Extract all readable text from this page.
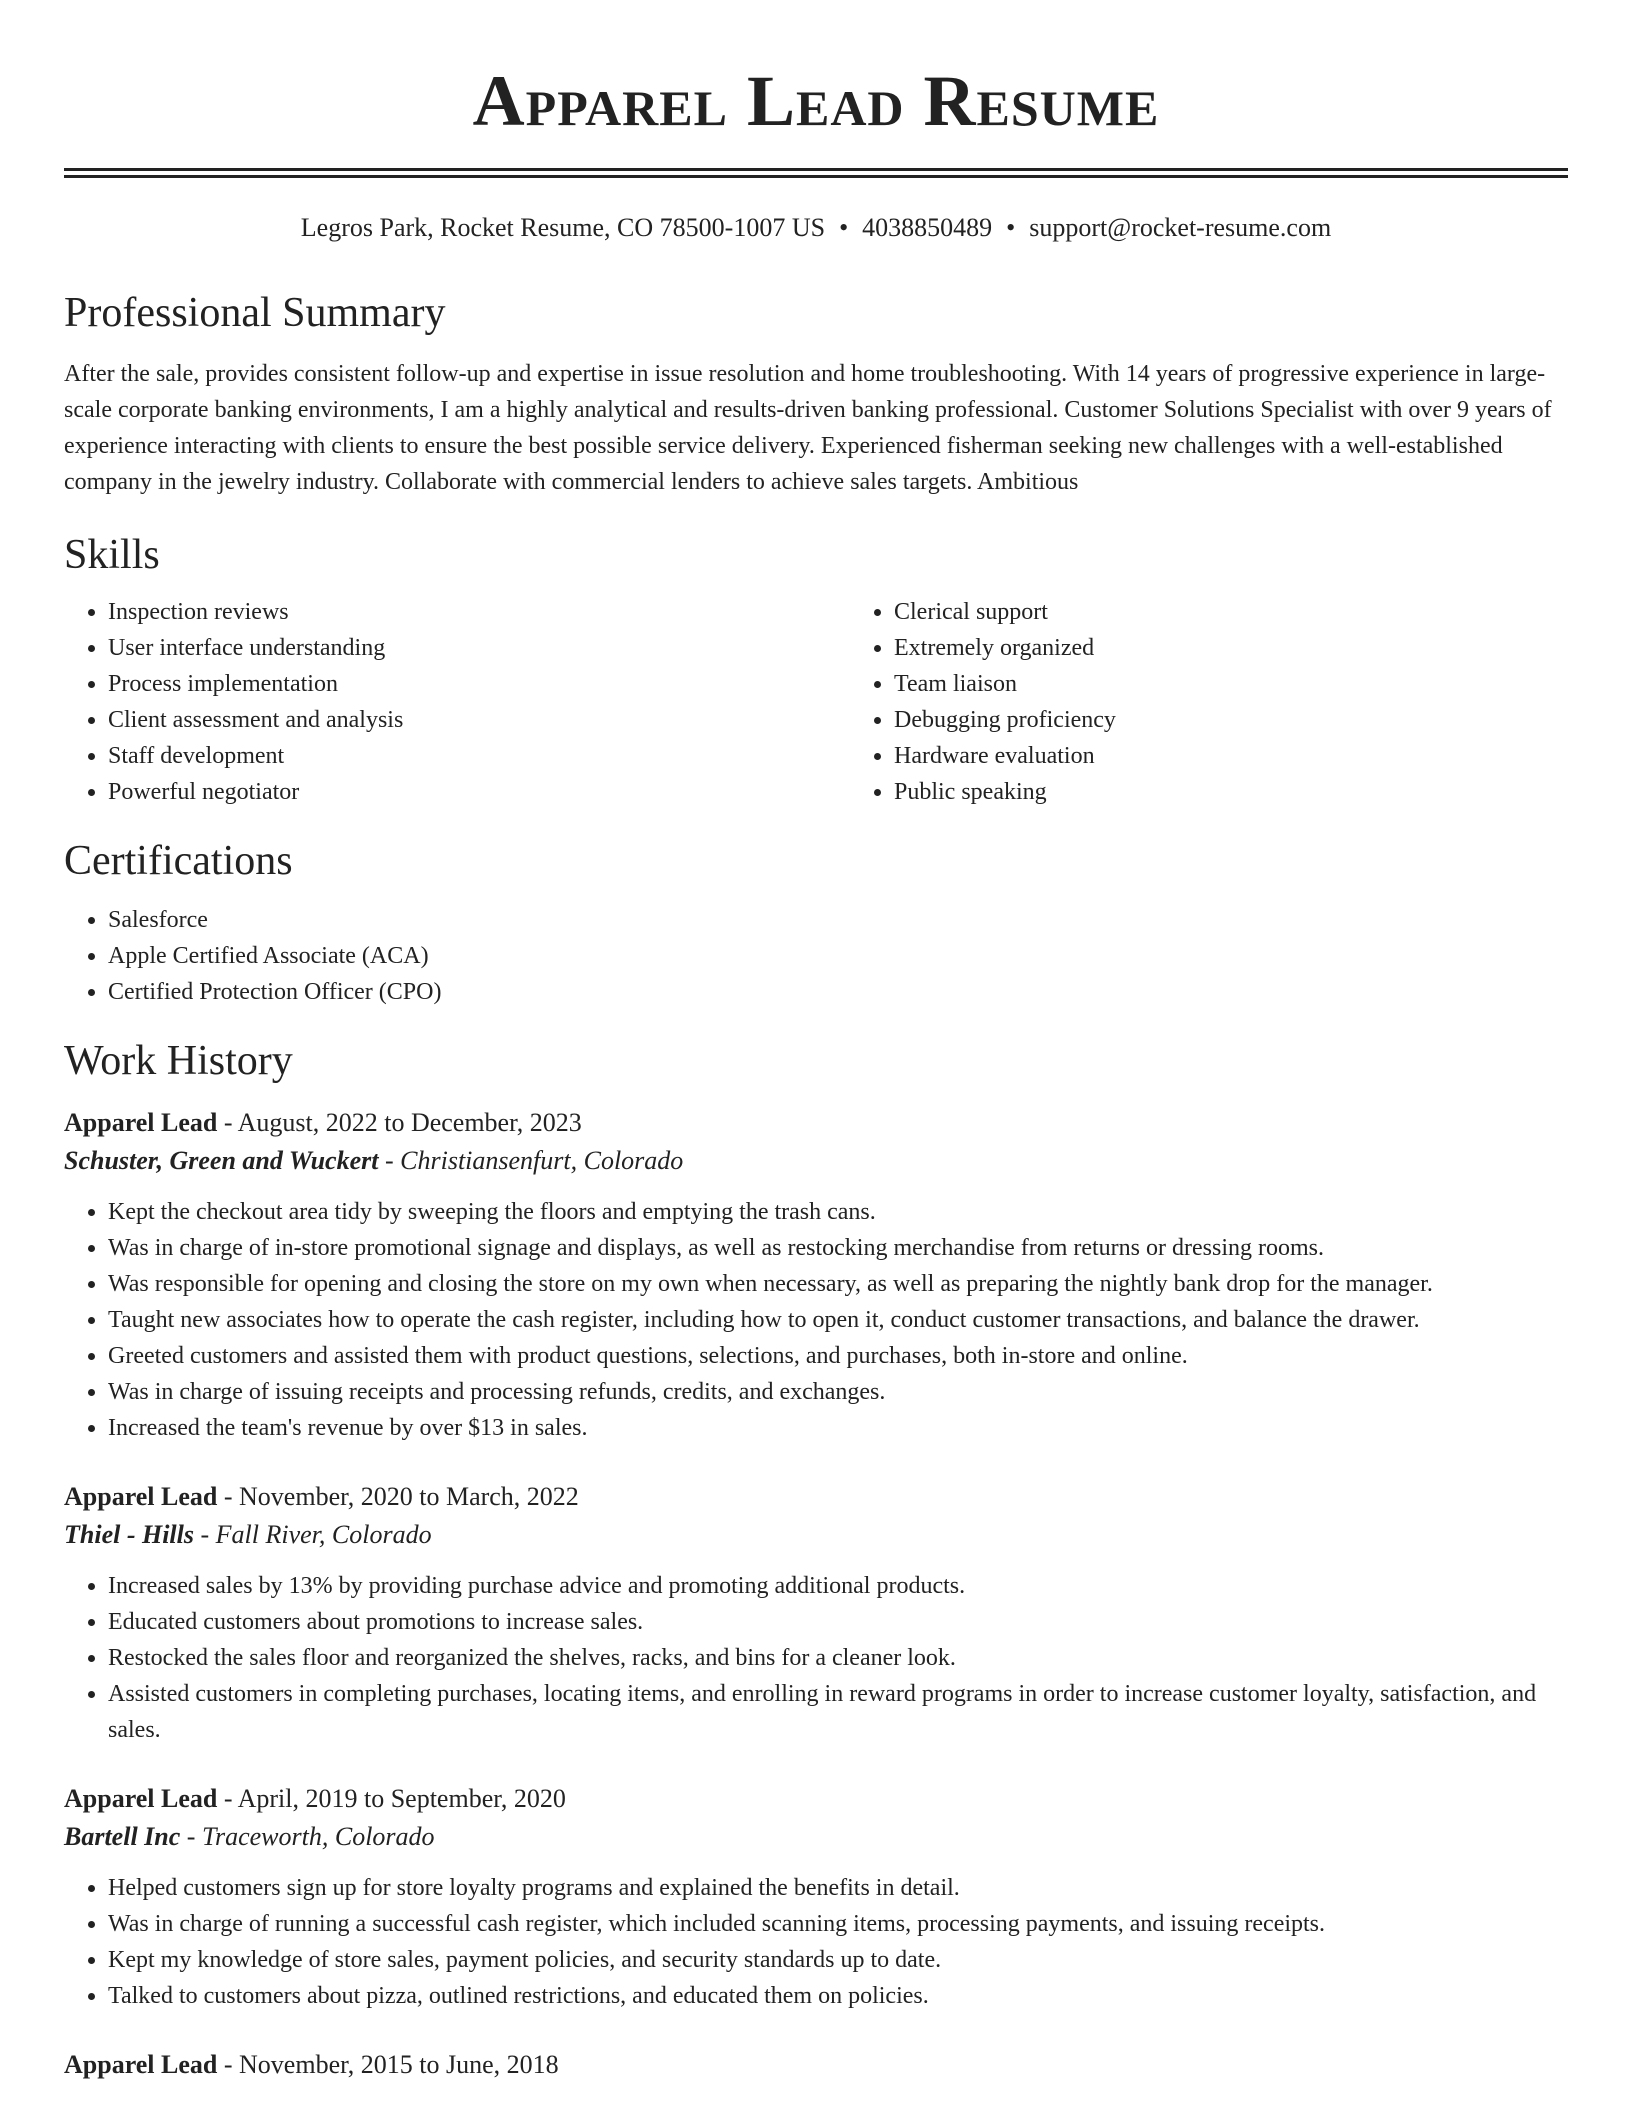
Apparel Lead Resume
Legros Park, Rocket Resume, CO 78500-1007 US • 4038850489 • support@rocket-resume.com
Professional Summary

After the sale, provides consistent follow-up and expertise in issue resolution and home troubleshooting. With 14 years of progressive experience in large-scale corporate banking environments, I am a highly analytical and results-driven banking professional. Customer Solutions Specialist with over 9 years of experience interacting with clients to ensure the best possible service delivery. Experienced fisherman seeking new challenges with a well-established company in the jewelry industry. Collaborate with commercial lenders to achieve sales targets. Ambitious

Skills
• Inspection reviews
• User interface understanding
• Process implementation
• Client assessment and analysis
• Staff development
• Powerful negotiator
• Clerical support
• Extremely organized
• Team liaison
• Debugging proficiency
• Hardware evaluation
• Public speaking
Certifications
• Salesforce
• Apple Certified Associate (ACA)
• Certified Protection Officer (CPO)
Work History
Apparel Lead - August, 2022 to December, 2023
Schuster, Green and Wuckert - Christiansenfurt, Colorado
• Kept the checkout area tidy by sweeping the floors and emptying the trash cans.
• Was in charge of in-store promotional signage and displays, as well as restocking merchandise from returns or dressing rooms.
• Was responsible for opening and closing the store on my own when necessary, as well as preparing the nightly bank drop for the manager.
• Taught new associates how to operate the cash register, including how to open it, conduct customer transactions, and balance the drawer.
• Greeted customers and assisted them with product questions, selections, and purchases, both in-store and online.
• Was in charge of issuing receipts and processing refunds, credits, and exchanges.
• Increased the team's revenue by over $13 in sales.
Apparel Lead - November, 2020 to March, 2022
Thiel - Hills - Fall River, Colorado
• Increased sales by 13% by providing purchase advice and promoting additional products.
• Educated customers about promotions to increase sales.
• Restocked the sales floor and reorganized the shelves, racks, and bins for a cleaner look.
• Assisted customers in completing purchases, locating items, and enrolling in reward programs in order to increase customer loyalty, satisfaction, and sales.
Apparel Lead - April, 2019 to September, 2020
Bartell Inc - Traceworth, Colorado
• Helped customers sign up for store loyalty programs and explained the benefits in detail.
• Was in charge of running a successful cash register, which included scanning items, processing payments, and issuing receipts.
• Kept my knowledge of store sales, payment policies, and security standards up to date.
• Talked to customers about pizza, outlined restrictions, and educated them on policies.
Apparel Lead - November, 2015 to June, 2018
